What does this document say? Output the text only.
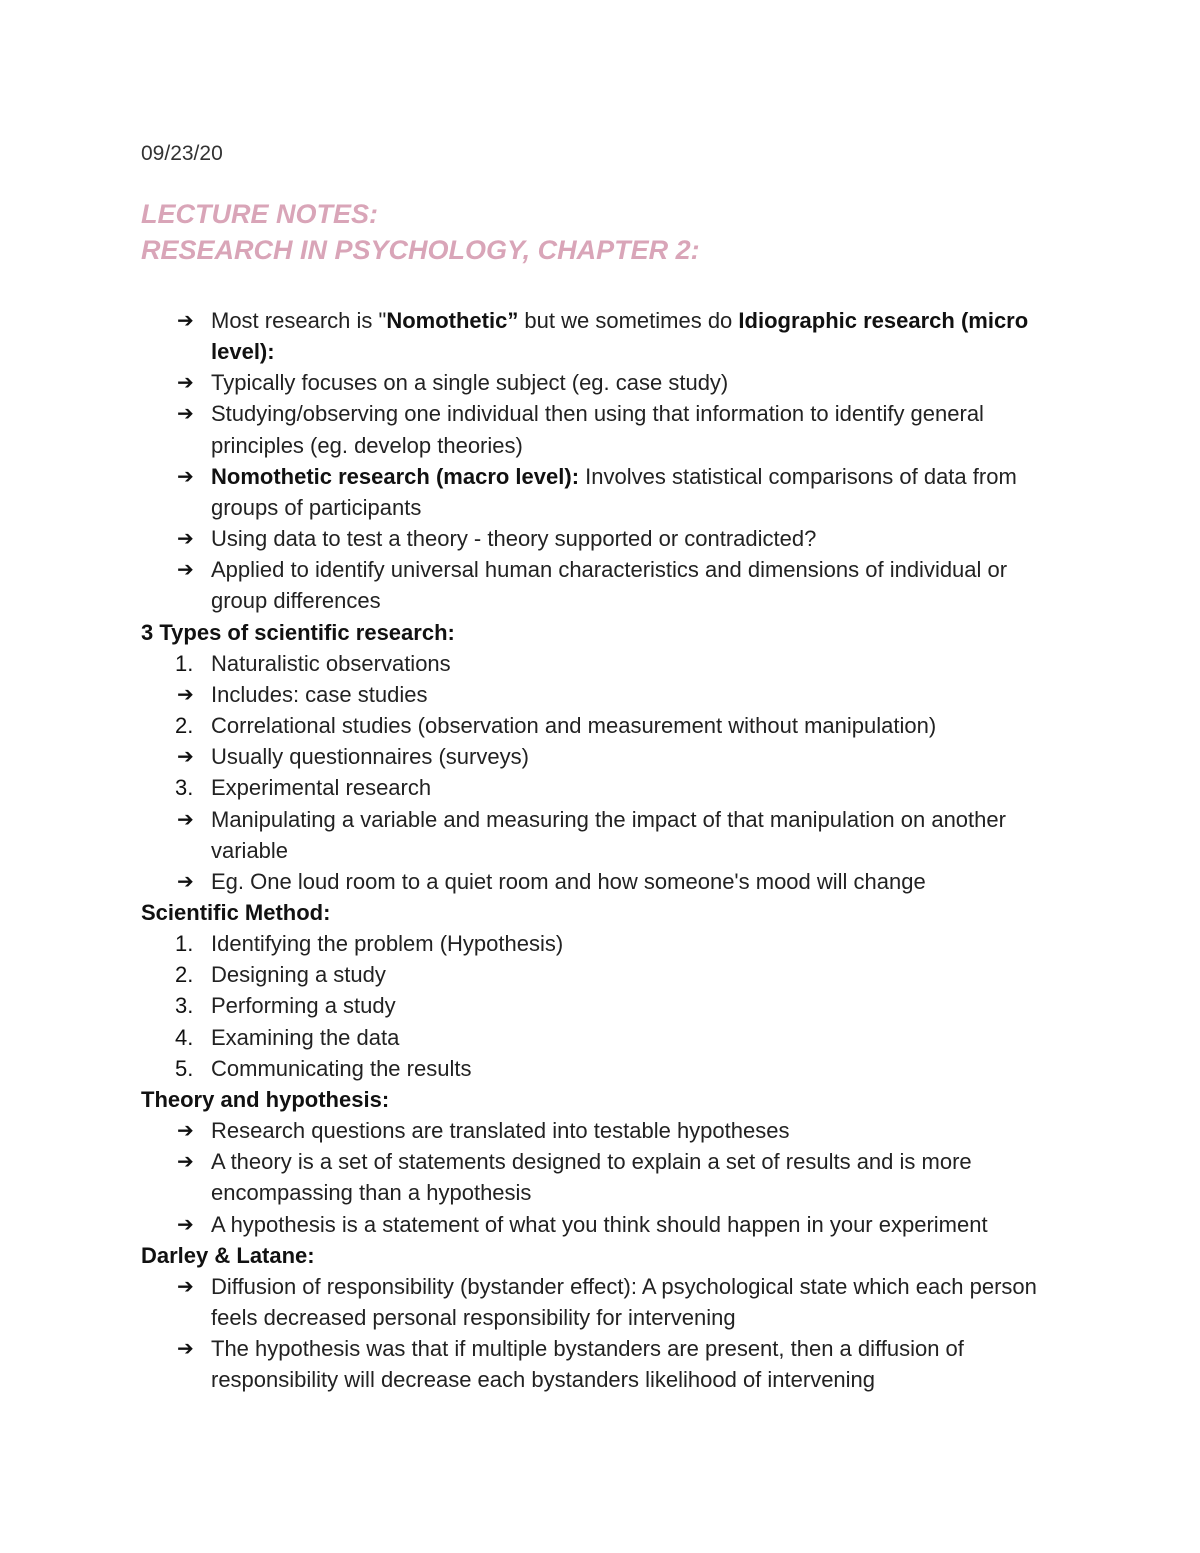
09/23/20
LECTURE NOTES:
RESEARCH IN PSYCHOLOGY, CHAPTER 2:
➔ Most research is "Nomothetic” but we sometimes do Idiographic research (micro level):
➔ Typically focuses on a single subject (eg. case study)
➔ Studying/observing one individual then using that information to identify general principles (eg. develop theories)
➔ Nomothetic research (macro level): Involves statistical comparisons of data from groups of participants
➔ Using data to test a theory - theory supported or contradicted?
➔ Applied to identify universal human characteristics and dimensions of individual or group differences
3 Types of scientific research:
1. Naturalistic observations
➔ Includes: case studies
2. Correlational studies (observation and measurement without manipulation)
➔ Usually questionnaires (surveys)
3. Experimental research
➔ Manipulating a variable and measuring the impact of that manipulation on another variable
➔ Eg. One loud room to a quiet room and how someone's mood will change
Scientific Method:
1. Identifying the problem (Hypothesis)
2. Designing a study
3. Performing a study
4. Examining the data
5. Communicating the results
Theory and hypothesis:
➔ Research questions are translated into testable hypotheses
➔ A theory is a set of statements designed to explain a set of results and is more encompassing than a hypothesis
➔ A hypothesis is a statement of what you think should happen in your experiment
Darley & Latane:
➔ Diffusion of responsibility (bystander effect): A psychological state which each person feels decreased personal responsibility for intervening
➔ The hypothesis was that if multiple bystanders are present, then a diffusion of responsibility will decrease each bystanders likelihood of intervening
